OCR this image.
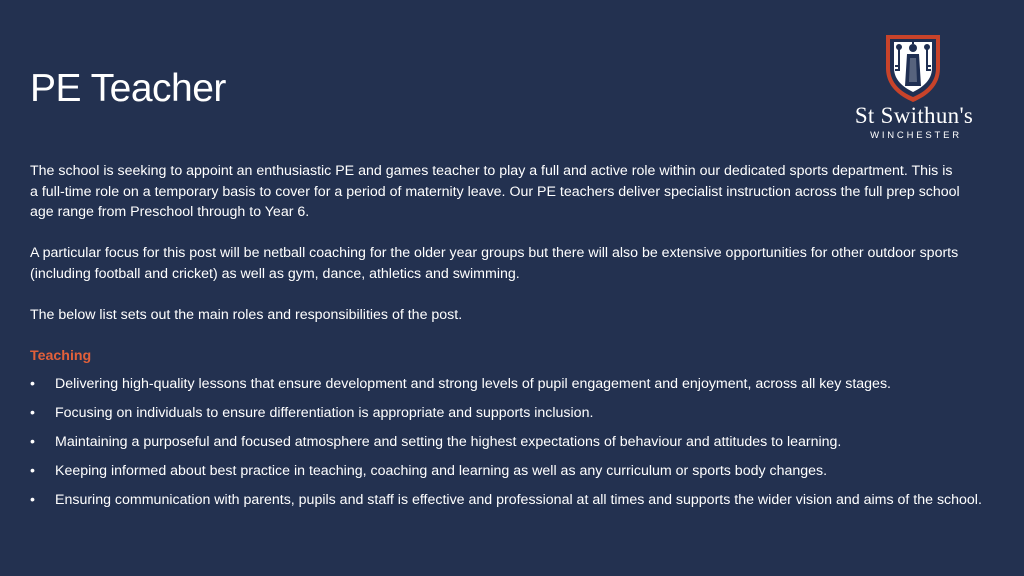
PE Teacher
St Swithun's
WINCHESTER

The school is seeking to appoint an enthusiastic PE and games teacher to play a full and active role within our dedicated sports department. This is a full-time role on a temporary basis to cover for a period of maternity leave. Our PE teachers deliver specialist instruction across the full prep school age range from Preschool through to Year 6.

A particular focus for this post will be netball coaching for the older year groups but there will also be extensive opportunities for other outdoor sports (including football and cricket) as well as gym, dance, athletics and swimming.

The below list sets out the main roles and responsibilities of the post.

Teaching

• Delivering high-quality lessons that ensure development and strong levels of pupil engagement and enjoyment, across all key stages.
• Focusing on individuals to ensure differentiation is appropriate and supports inclusion.
• Maintaining a purposeful and focused atmosphere and setting the highest expectations of behaviour and attitudes to learning.
• Keeping informed about best practice in teaching, coaching and learning as well as any curriculum or sports body changes.
• Ensuring communication with parents, pupils and staff is effective and professional at all times and supports the wider vision and aims of the school.
